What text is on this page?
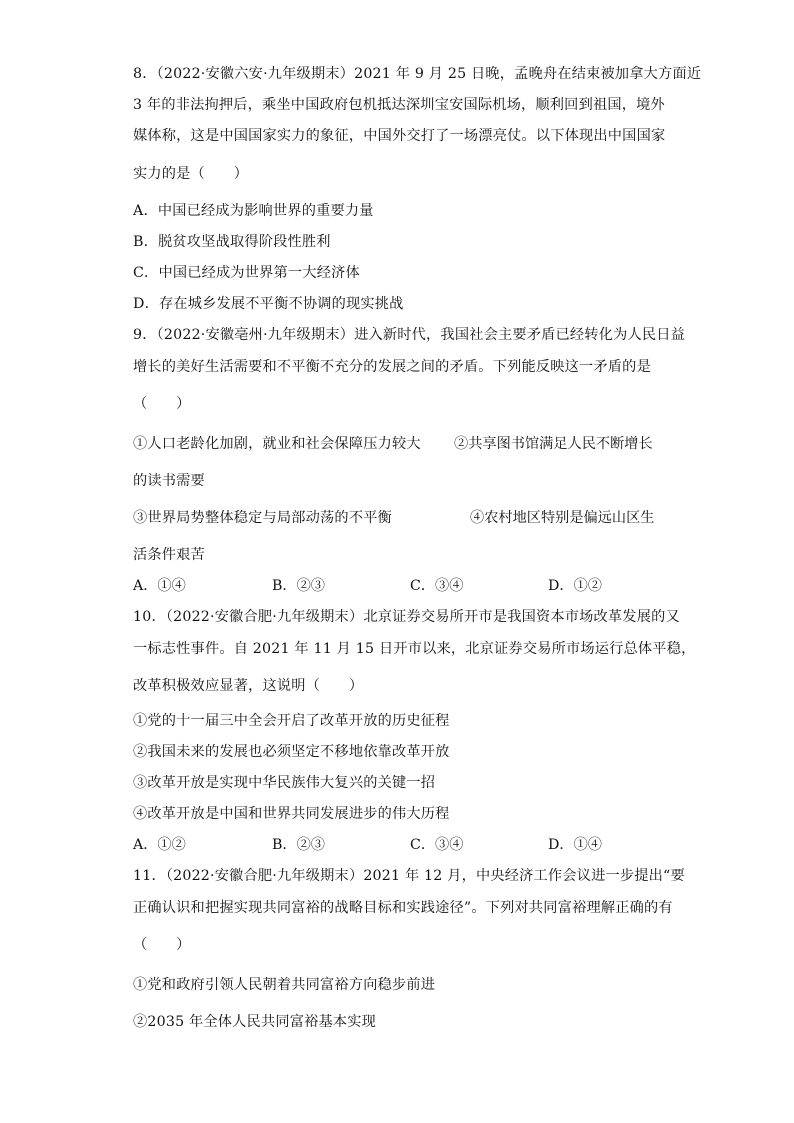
8．（2022·安徽六安·九年级期末）2021 年 9 月 25 日晚，孟晚舟在结束被加拿大方面近
3 年的非法拘押后，乘坐中国政府包机抵达深圳宝安国际机场，顺利回到祖国，境外
媒体称，这是中国国家实力的象征，中国外交打了一场漂亮仗。以下体现出中国国家
实力的是（　　）
A．中国已经成为影响世界的重要力量
B．脱贫攻坚战取得阶段性胜利
C．中国已经成为世界第一大经济体
D．存在城乡发展不平衡不协调的现实挑战
9．（2022·安徽亳州·九年级期末）进入新时代，我国社会主要矛盾已经转化为人民日益
增长的美好生活需要和不平衡不充分的发展之间的矛盾。下列能反映这一矛盾的是
（　　）
①人口老龄化加剧，就业和社会保障压力较大 ②共享图书馆满足人民不断增长
的读书需要
③世界局势整体稳定与局部动荡的不平衡	④农村地区特别是偏远山区生
活条件艰苦
A．①④	B．②③	C．③④	D．①②
10．（2022·安徽合肥·九年级期末）北京证券交易所开市是我国资本市场改革发展的又
一标志性事件。自 2021 年 11 月 15 日开市以来，北京证券交易所市场运行总体平稳，
改革积极效应显著，这说明（　　）
①党的十一届三中全会开启了改革开放的历史征程
②我国未来的发展也必须坚定不移地依靠改革开放
③改革开放是实现中华民族伟大复兴的关键一招
④改革开放是中国和世界共同发展进步的伟大历程
A．①②	B．②③	C．③④	D．①④
11．（2022·安徽合肥·九年级期末）2021 年 12 月，中央经济工作会议进一步提出“要
正确认识和把握实现共同富裕的战略目标和实践途径”。下列对共同富裕理解正确的有
（　　）
①党和政府引领人民朝着共同富裕方向稳步前进
②2035 年全体人民共同富裕基本实现
